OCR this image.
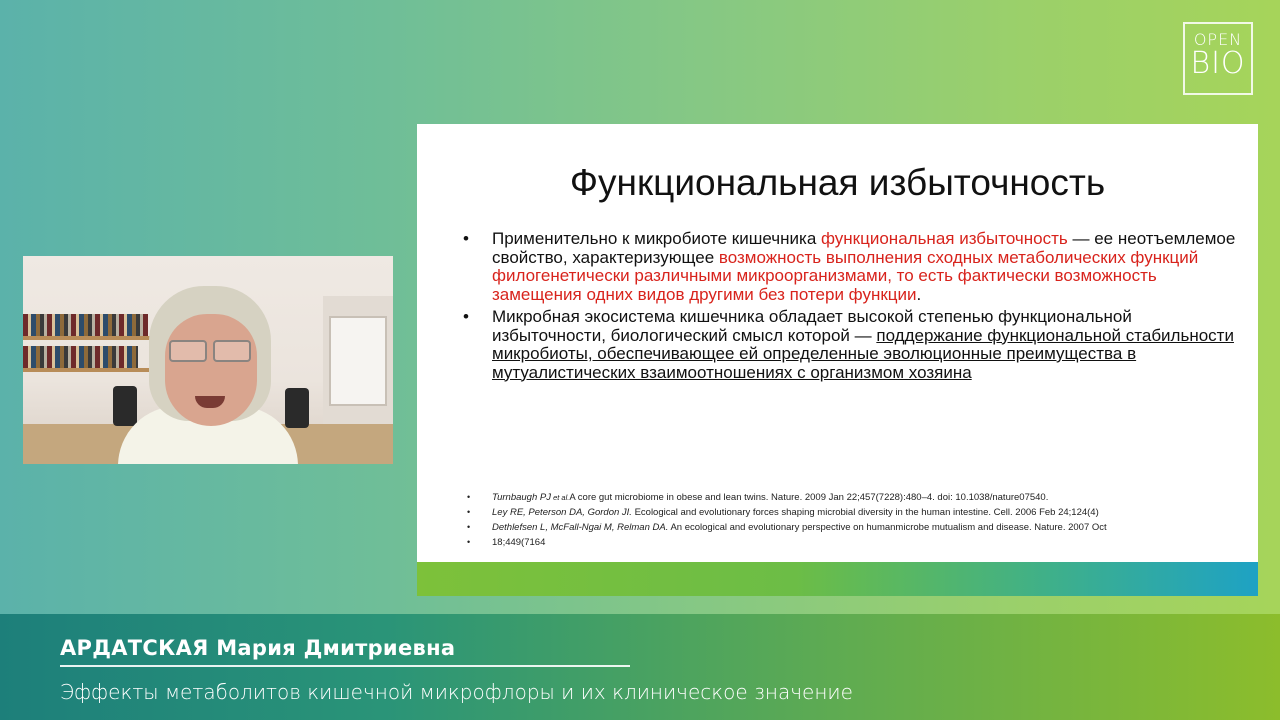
OPEN
BIO
Функциональная избыточность
• Применительно к микробиоте кишечника функциональная избыточность — ее неотъемлемое свойство, характеризующее возможность выполнения сходных метаболических функций филогенетически различными микроорганизмами, то есть фактически возможность замещения одних видов другими без потери функции.
• Микробная экосистема кишечника обладает высокой степенью функциональной избыточности, биологический смысл которой — поддержание функциональной стабильности микробиоты, обеспечивающее ей определенные эволюционные преимущества в мутуалистических взаимоотношениях с организмом хозяина
• Turnbaugh PJ et al.A core gut microbiome in obese and lean twins. Nature. 2009 Jan 22;457(7228):480–4. doi: 10.1038/nature07540.
• Ley RE, Peterson DA, Gordon JI. Ecological and evolutionary forces shaping microbial diversity in the human intestine. Cell. 2006 Feb 24;124(4)
• Dethlefsen L, McFall-Ngai M, Relman DA. An ecological and evolutionary perspective on humanmicrobe mutualism and disease. Nature. 2007 Oct
• 18;449(7164
АРДАТСКАЯ Мария Дмитриевна
Эффекты метаболитов кишечной микрофлоры и их клиническое значение
